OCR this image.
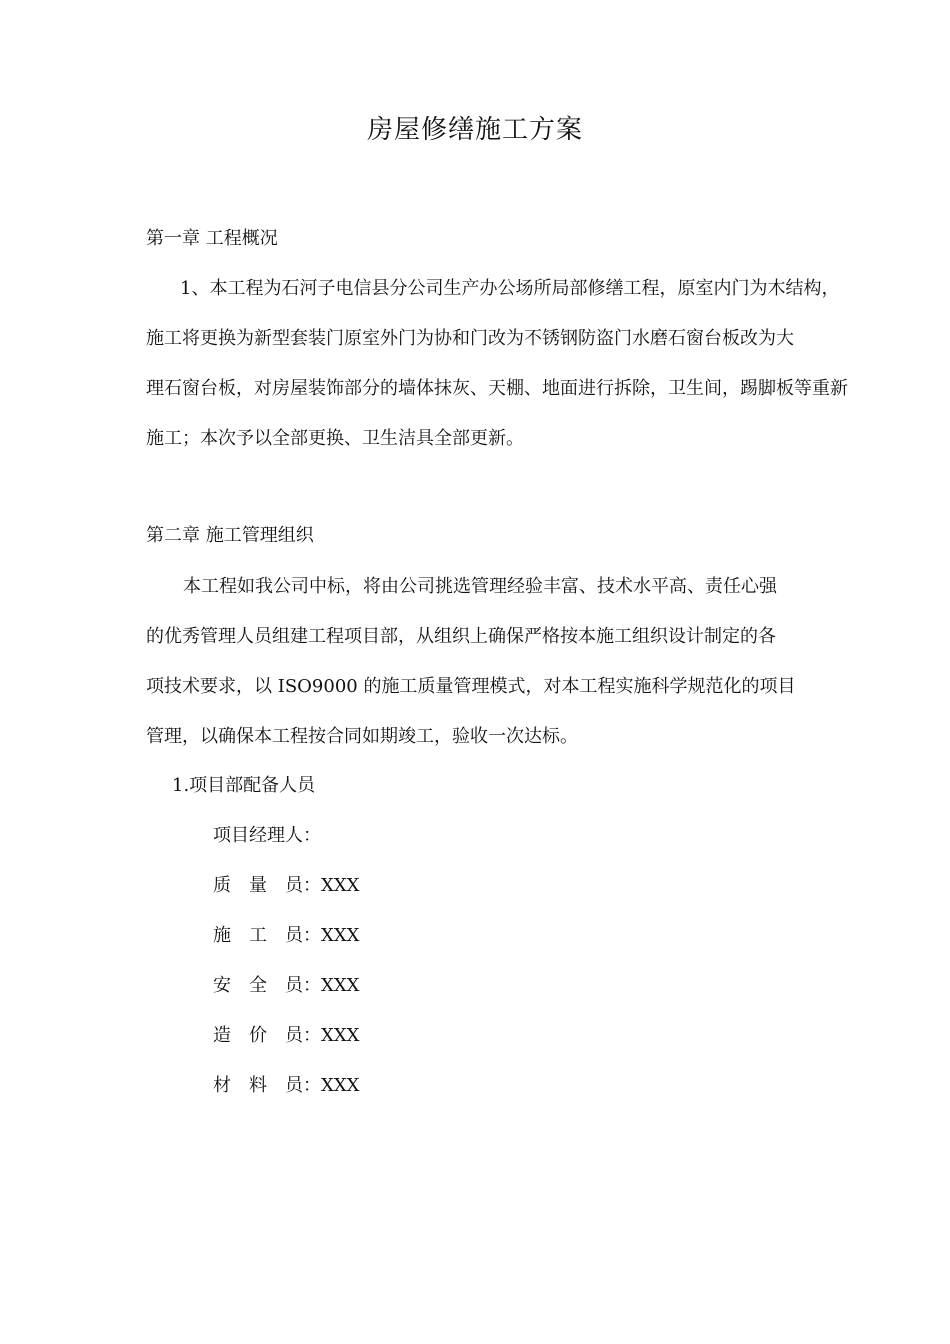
房屋修缮施工方案
第一章 工程概况
1、本工程为石河子电信县分公司生产办公场所局部修缮工程，原室内门为木结构，
施工将更换为新型套装门原室外门为协和门改为不锈钢防盗门水磨石窗台板改为大
理石窗台板，对房屋装饰部分的墙体抹灰、天棚、地面进行拆除，卫生间，踢脚板等重新
施工；本次予以全部更换、卫生洁具全部更新。
第二章 施工管理组织
本工程如我公司中标，将由公司挑选管理经验丰富、技术水平高、责任心强
的优秀管理人员组建工程项目部，从组织上确保严格按本施工组织设计制定的各
项技术要求，以 ISO9000 的施工质量管理模式，对本工程实施科学规范化的项目
管理，以确保本工程按合同如期竣工，验收一次达标。
1.项目部配备人员
项目经理人：
质　量　员：XXX
施　工　员：XXX
安　全　员：XXX
造　价　员：XXX
材　料　员：XXX
